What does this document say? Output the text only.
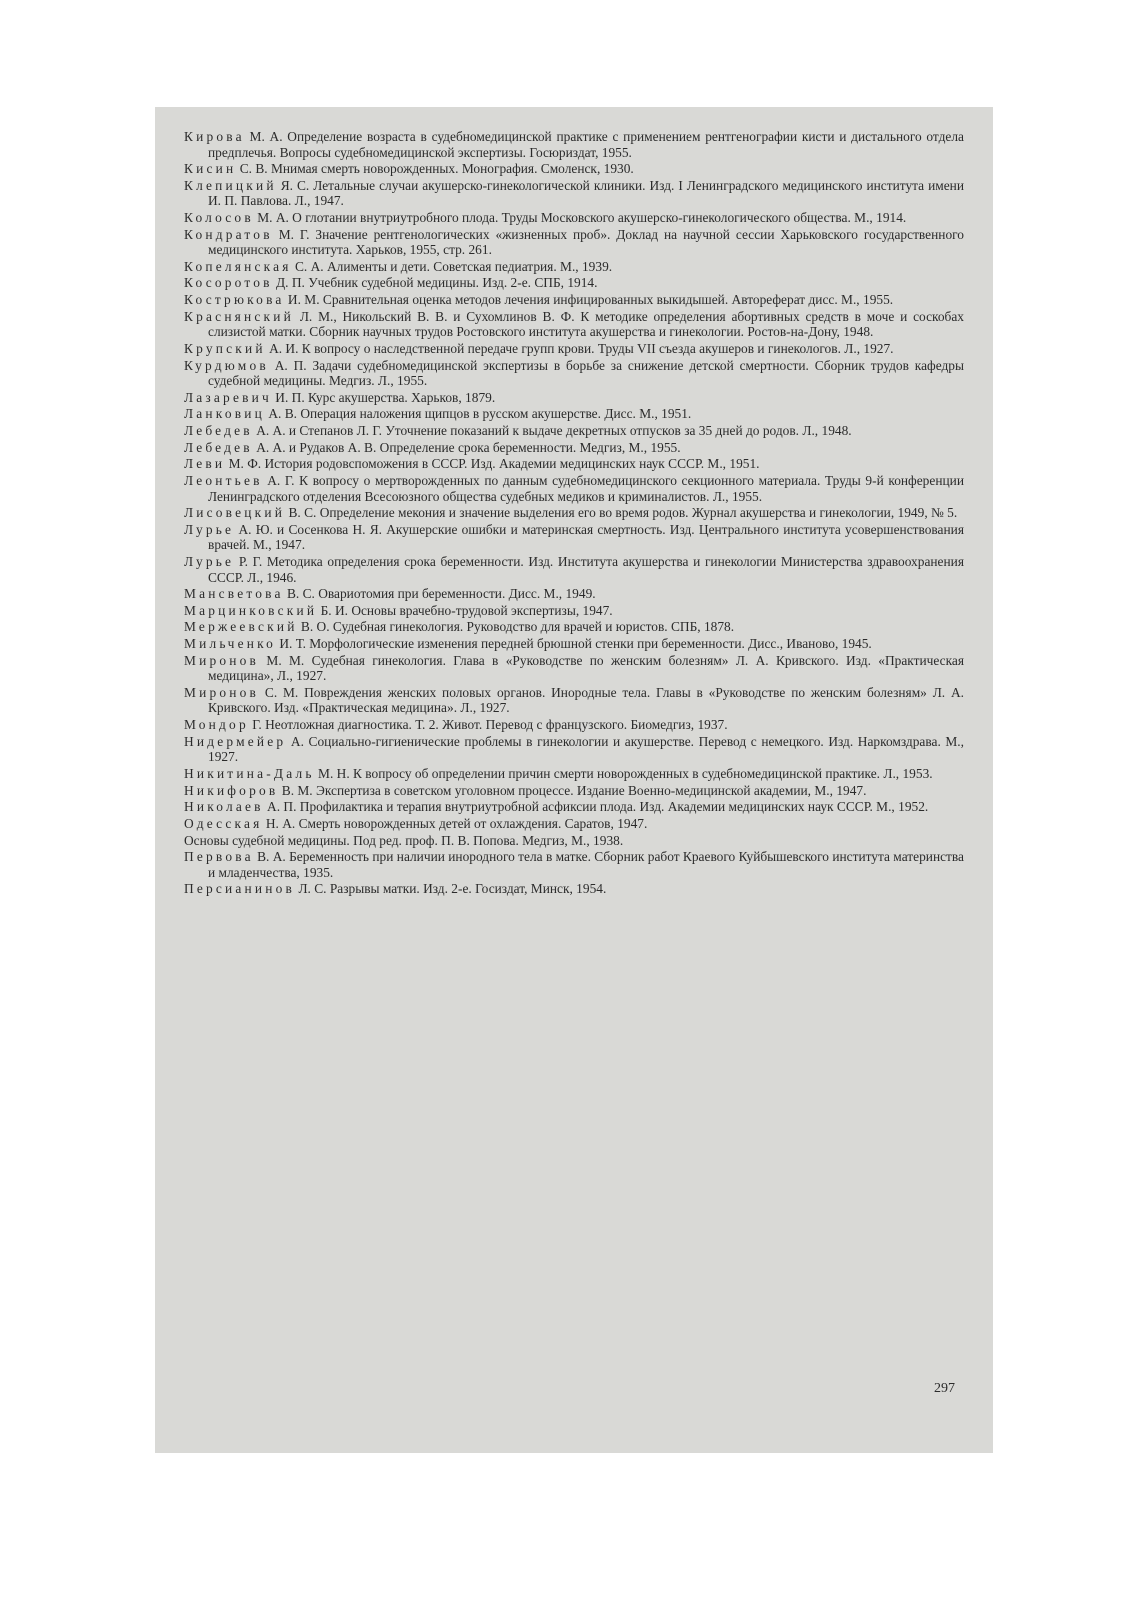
Кирова М. А. Определение возраста в судебномедицинской практике с применением рентгенографии кисти и дистального отдела предплечья. Вопросы судебномедицинской экспертизы. Госюриздат, 1955.
Кисин С. В. Мнимая смерть новорожденных. Монография. Смоленск, 1930.
Клепицкий Я. С. Летальные случаи акушерско-гинекологической клиники. Изд. I Ленинградского медицинского института имени И. П. Павлова. Л., 1947.
Колосов М. А. О глотании внутриутробного плода. Труды Московского акушерско-гинекологического общества. М., 1914.
Кондратов М. Г. Значение рентгенологических «жизненных проб». Доклад на научной сессии Харьковского государственного медицинского института. Харьков, 1955, стр. 261.
Копелянская С. А. Алименты и дети. Советская педиатрия. М., 1939.
Косоротов Д. П. Учебник судебной медицины. Изд. 2-е. СПБ, 1914.
Кострюкова И. М. Сравнительная оценка методов лечения инфицированных выкидышей. Автореферат дисс. М., 1955.
Краснянский Л. М., Никольский В. В. и Сухомлинов В. Ф. К методике определения абортивных средств в моче и соскобах слизистой матки. Сборник научных трудов Ростовского института акушерства и гинекологии. Ростов-на-Дону, 1948.
Крупский А. И. К вопросу о наследственной передаче групп крови. Труды VII съезда акушеров и гинекологов. Л., 1927.
Курдюмов А. П. Задачи судебномедицинской экспертизы в борьбе за снижение детской смертности. Сборник трудов кафедры судебной медицины. Медгиз. Л., 1955.
Лазаревич И. П. Курс акушерства. Харьков, 1879.
Ланковиц А. В. Операция наложения щипцов в русском акушерстве. Дисс. М., 1951.
Лебедев А. А. и Степанов Л. Г. Уточнение показаний к выдаче декретных отпусков за 35 дней до родов. Л., 1948.
Лебедев А. А. и Рудаков А. В. Определение срока беременности. Медгиз, М., 1955.
Леви М. Ф. История родовспоможения в СССР. Изд. Академии медицинских наук СССР. М., 1951.
Леонтьев А. Г. К вопросу о мертворожденных по данным судебномедицинского секционного материала. Труды 9-й конференции Ленинградского отделения Всесоюзного общества судебных медиков и криминалистов. Л., 1955.
Лисовецкий В. С. Определение мекония и значение выделения его во время родов. Журнал акушерства и гинекологии, 1949, № 5.
Лурье А. Ю. и Сосенкова Н. Я. Акушерские ошибки и материнская смертность. Изд. Центрального института усовершенствования врачей. М., 1947.
Лурье Р. Г. Методика определения срока беременности. Изд. Института акушерства и гинекологии Министерства здравоохранения СССР. Л., 1946.
Мансветова В. С. Овариотомия при беременности. Дисс. М., 1949.
Марцинковский Б. И. Основы врачебно-трудовой экспертизы, 1947.
Мержеевский В. О. Судебная гинекология. Руководство для врачей и юристов. СПБ, 1878.
Мильченко И. Т. Морфологические изменения передней брюшной стенки при беременности. Дисс., Иваново, 1945.
Миронов М. М. Судебная гинекология. Глава в «Руководстве по женским болезням» Л. А. Кривского. Изд. «Практическая медицина», Л., 1927.
Миронов С. М. Повреждения женских половых органов. Инородные тела. Главы в «Руководстве по женским болезням» Л. А. Кривского. Изд. «Практическая медицина». Л., 1927.
Мондор Г. Неотложная диагностика. Т. 2. Живот. Перевод с французского. Биомедгиз, 1937.
Нидермейер А. Социально-гигиенические проблемы в гинекологии и акушерстве. Перевод с немецкого. Изд. Наркомздрава. М., 1927.
Никитина-Даль М. Н. К вопросу об определении причин смерти новорожденных в судебномедицинской практике. Л., 1953.
Никифоров В. М. Экспертиза в советском уголовном процессе. Издание Военно-медицинской академии, М., 1947.
Николаев А. П. Профилактика и терапия внутриутробной асфиксии плода. Изд. Академии медицинских наук СССР. М., 1952.
Одесская Н. А. Смерть новорожденных детей от охлаждения. Саратов, 1947.
Основы судебной медицины. Под ред. проф. П. В. Попова. Медгиз, М., 1938.
Первова В. А. Беременность при наличии инородного тела в матке. Сборник работ Краевого Куйбышевского института материнства и младенчества, 1935.
Персианинов Л. С. Разрывы матки. Изд. 2-е. Госиздат, Минск, 1954.
297
